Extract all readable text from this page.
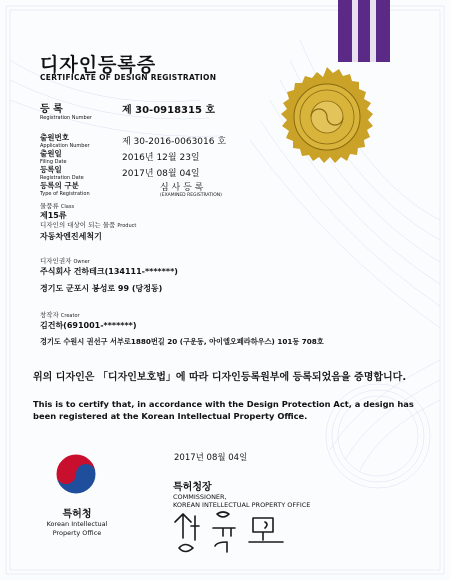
디자인등록증
CERTIFICATE OF DESIGN REGISTRATION
등 록
Registration Number
제 30-0918315 호
출원번호
Application Number	제 30-2016-0063016 호
출원일
Filing Date	2016년 12월 23일
등록일
Registration Date	2017년 08월 04일
등록의 구분
Type of Registration
심 사 등 록
(EXAMINED REGISTRATION)
물품류 Class
제15류
디자인의 대상이 되는 물품 Product
자동차엔진세척기
디자인권자 Owner
주식회사 건하테크(134111-*******)
경기도 군포시 봉성로 99 (당정동)
창작자 Creator
김건하(691001-*******)
경기도 수원시 권선구 서부로1880번길 20 (구운동, 아이엘오페라하우스) 101동 708호
위의 디자인은 「디자인보호법」에 따라 디자인등록원부에 등록되었음을 증명합니다.
This is to certify that, in accordance with the Design Protection Act, a design has been registered at the Korean Intellectual Property Office.
2017년 08월 04일
특허청
Korean Intellectual
Property Office
특허청장
COMMISSIONER,
KOREAN INTELLECTUAL PROPERTY OFFICE
